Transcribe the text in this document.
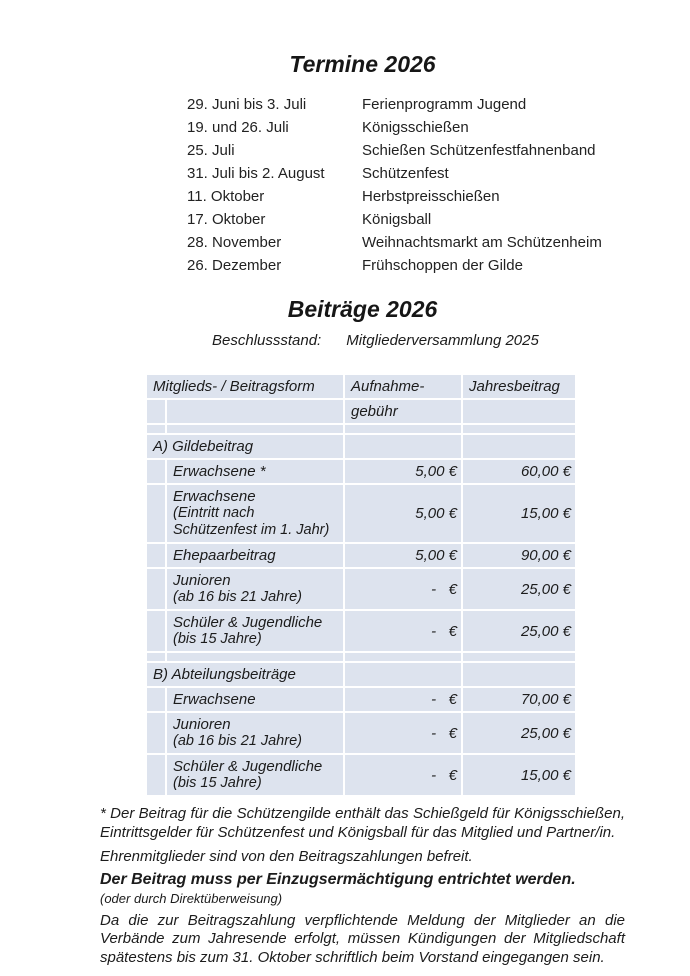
Termine 2026
29. Juni bis 3. Juli	Ferienprogramm Jugend
19. und 26. Juli	Königsschießen
25. Juli	Schießen Schützenfestfahnenband
31. Juli bis 2. August	Schützenfest
11. Oktober	Herbstpreisschießen
17. Oktober	Königsball
28. November	Weihnachtsmarkt am Schützenheim
26. Dezember	Frühschoppen der Gilde
Beiträge 2026
Beschlussstand: Mitgliederversammlung 2025
Mitglieds- / Beitragsform		Aufnahme-	Jahresbeitrag
		gebühr	

A) Gildebeitrag			

	Erwachsene *	5,00 €	60,00 €

	Erwachsene
(Eintritt nach Schützenfest im 1. Jahr)	5,00 €	15,00 €

	Ehepaarbeitrag	5,00 €	90,00 €

	Junioren
(ab 16 bis 21 Jahre)	-   €	25,00 €

	Schüler & Jugendliche
(bis 15 Jahre)	-   €	25,00 €

B) Abteilungsbeiträge			

	Erwachsene	-   €	70,00 €

	Junioren
(ab 16 bis 21 Jahre)	-   €	25,00 €

	Schüler & Jugendliche
(bis 15 Jahre)	-   €	15,00 €

* Der Beitrag für die Schützengilde enthält das Schießgeld für Königsschießen, Eintrittsgelder für Schützenfest und Königsball für das Mitglied und Partner/in.

Ehrenmitglieder sind von den Beitragszahlungen befreit.

Der Beitrag muss per Einzugsermächtigung entrichtet werden.

(oder durch Direktüberweisung)

Da die zur Beitragszahlung verpflichtende Meldung der Mitglieder an die Verbände zum Jahresende erfolgt, müssen Kündigungen der Mitgliedschaft spätestens bis zum 31. Oktober schriftlich beim Vorstand eingegangen sein.
